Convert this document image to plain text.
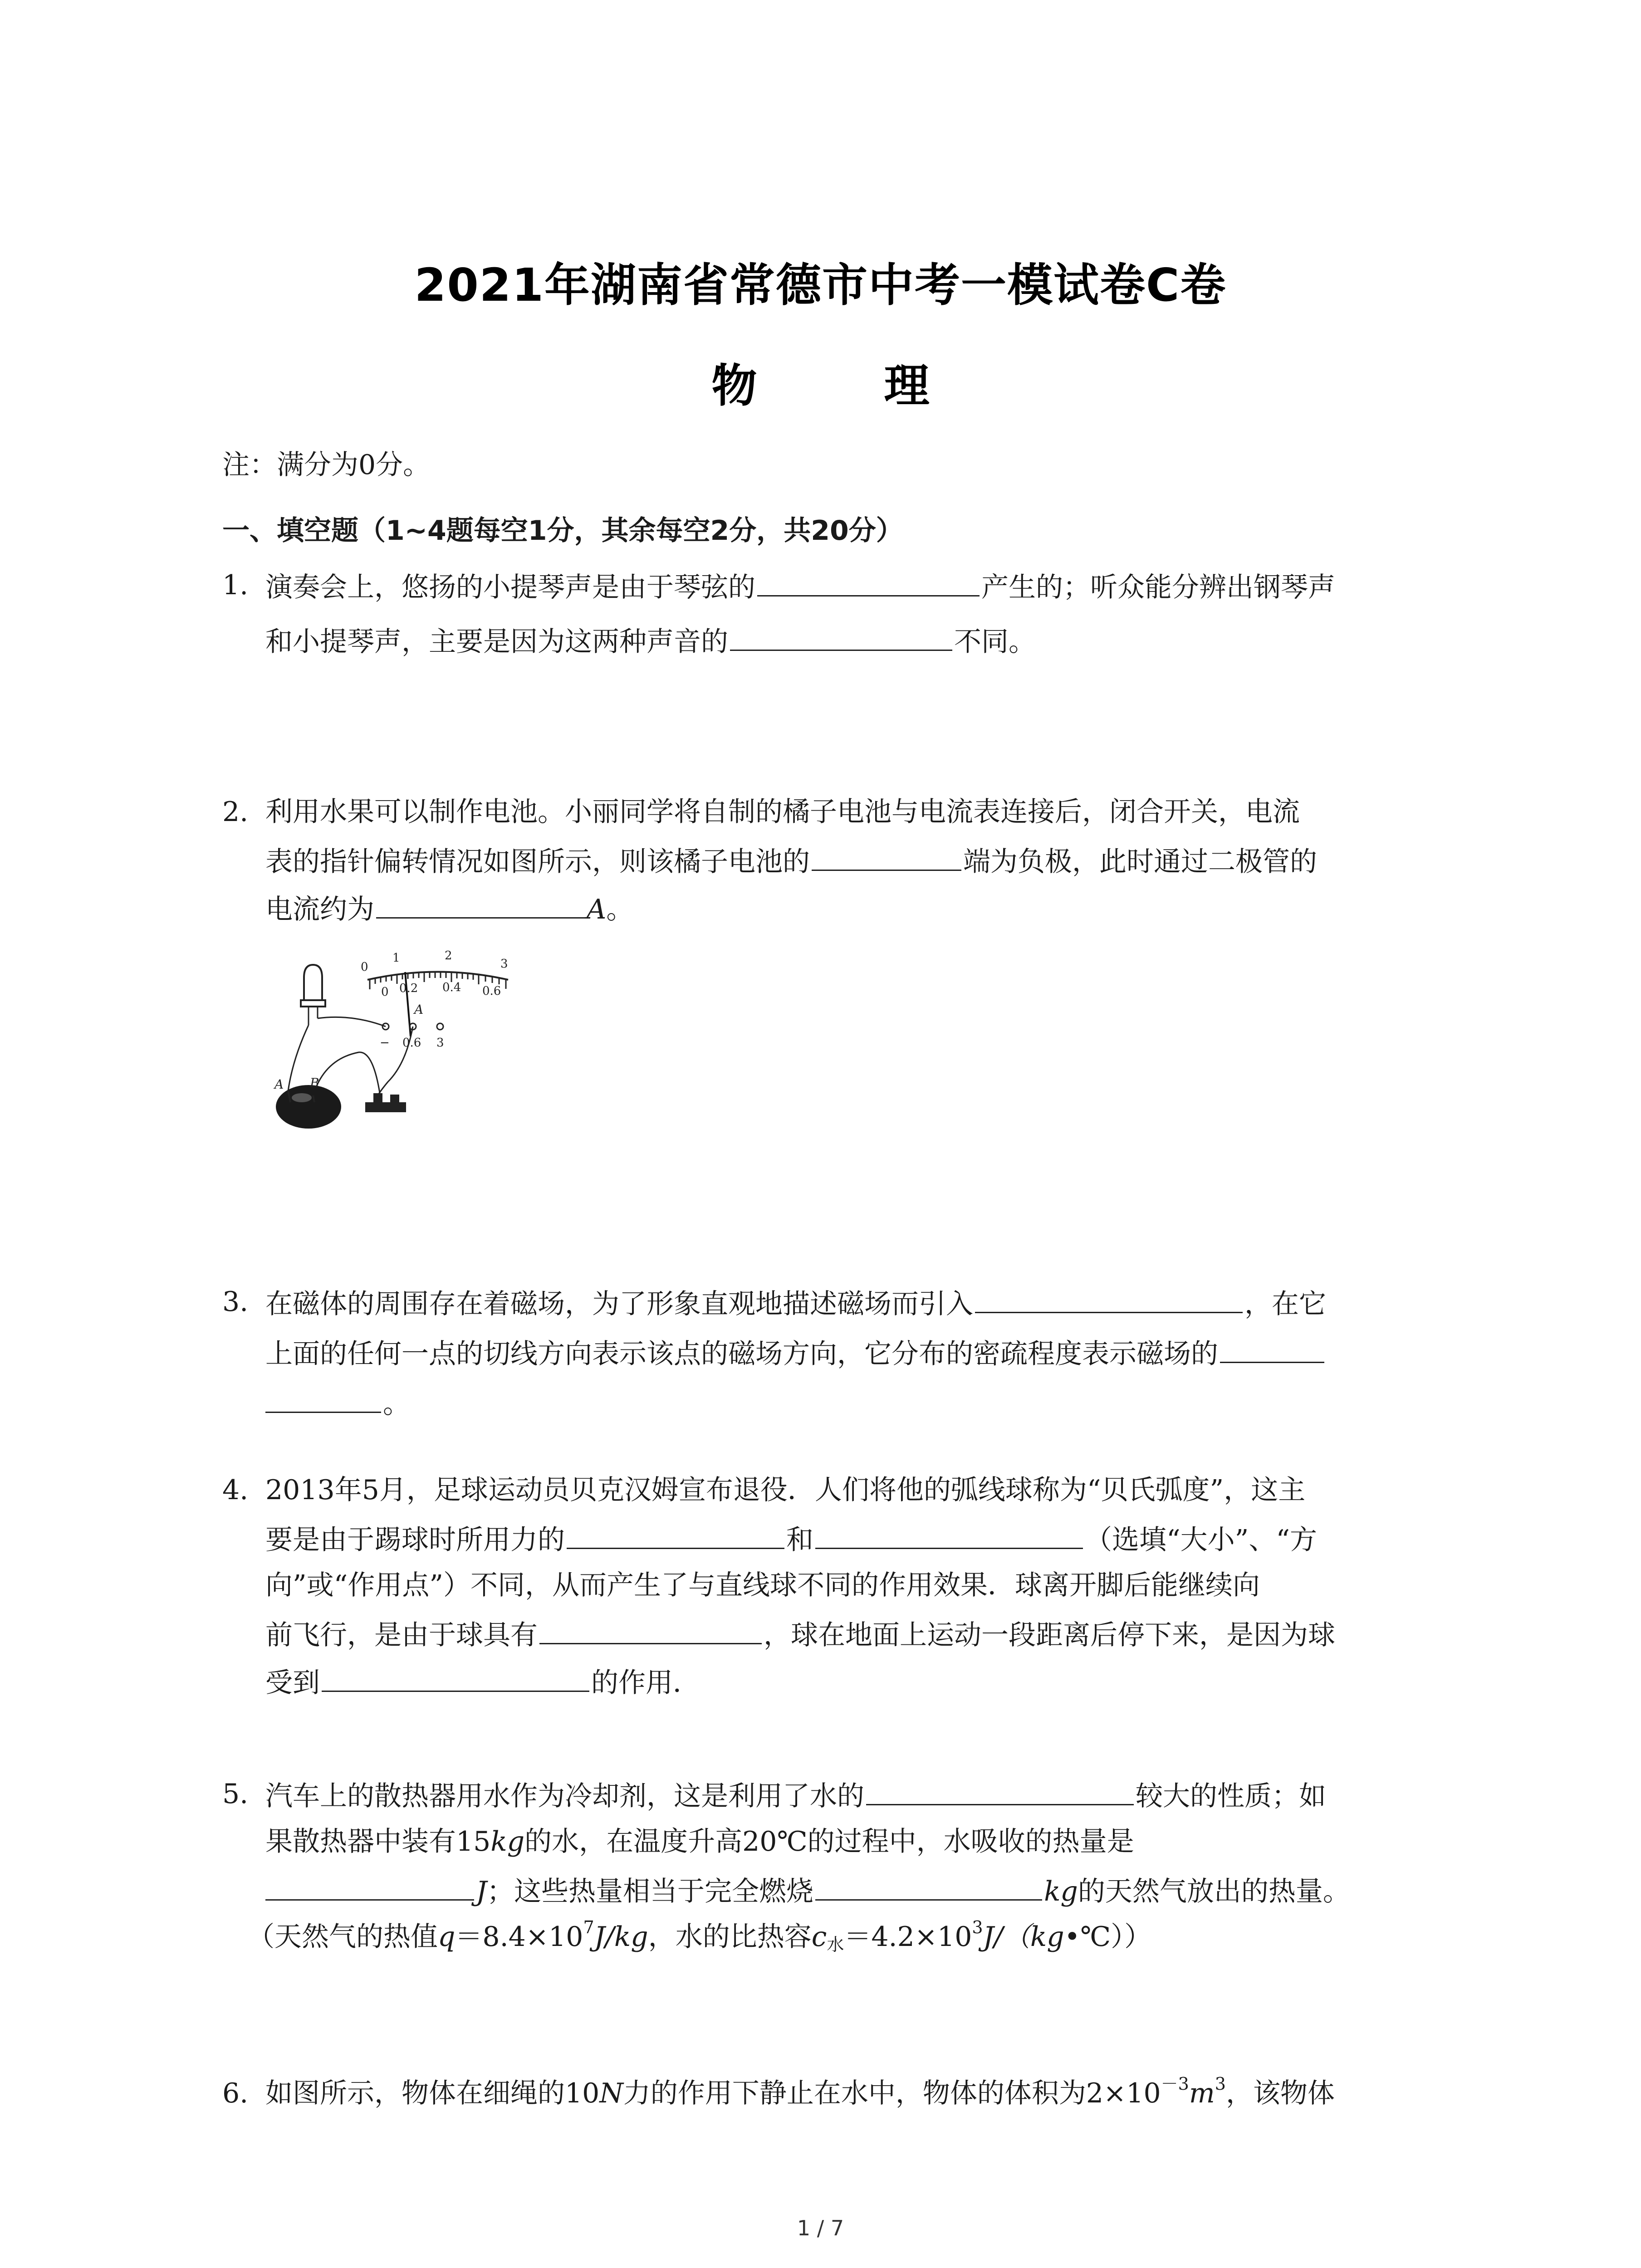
2021年湖南省常德市中考一模试卷C卷
物　理
注：满分为0分。
一、填空题（1~4题每空1分，其余每空2分，共20分）
1. 演奏会上，悠扬的小提琴声是由于琴弦的	产生的；听众能分辨出钢琴声
和小提琴声，主要是因为这两种声音的	不同。
2. 利用水果可以制作电池。小丽同学将自制的橘子电池与电流表连接后，闭合开关，电流
表的指针偏转情况如图所示，则该橘子电池的	端为负极，此时通过二极管的
电流约为	A。
0
1	2
3
0 0.2 0.4 0.6
A
− 0.6 3
A B
3. 在磁体的周围存在着磁场，为了形象直观地描述磁场而引入	，在它
上面的任何一点的切线方向表示该点的磁场方向，它分布的密疏程度表示磁场的
。
4. 2013年5月，足球运动员贝克汉姆宣布退役．人们将他的弧线球称为“贝氏弧度”，这主
要是由于踢球时所用力的	和	（选填“大小”、“方
向”或“作用点”）不同，从而产生了与直线球不同的作用效果．球离开脚后能继续向
前飞行，是由于球具有	，球在地面上运动一段距离后停下来，是因为球
受到	的作用．
5. 汽车上的散热器用水作为冷却剂，这是利用了水的	较大的性质；如
果散热器中装有15kg的水，在温度升高20℃的过程中，水吸收的热量是
J；这些热量相当于完全燃烧	kg的天然气放出的热量。
（天然气的热值$q=8.4\times 10^7J/kg$，水的比热容$c_水=4.2\times 10^3J/(kg•℃)$）
6. 如图所示，物体在细绳的10N力的作用下静止在水中，物体的体积为$2\times 10^{-3}m^3$，该物体
1 / 7
